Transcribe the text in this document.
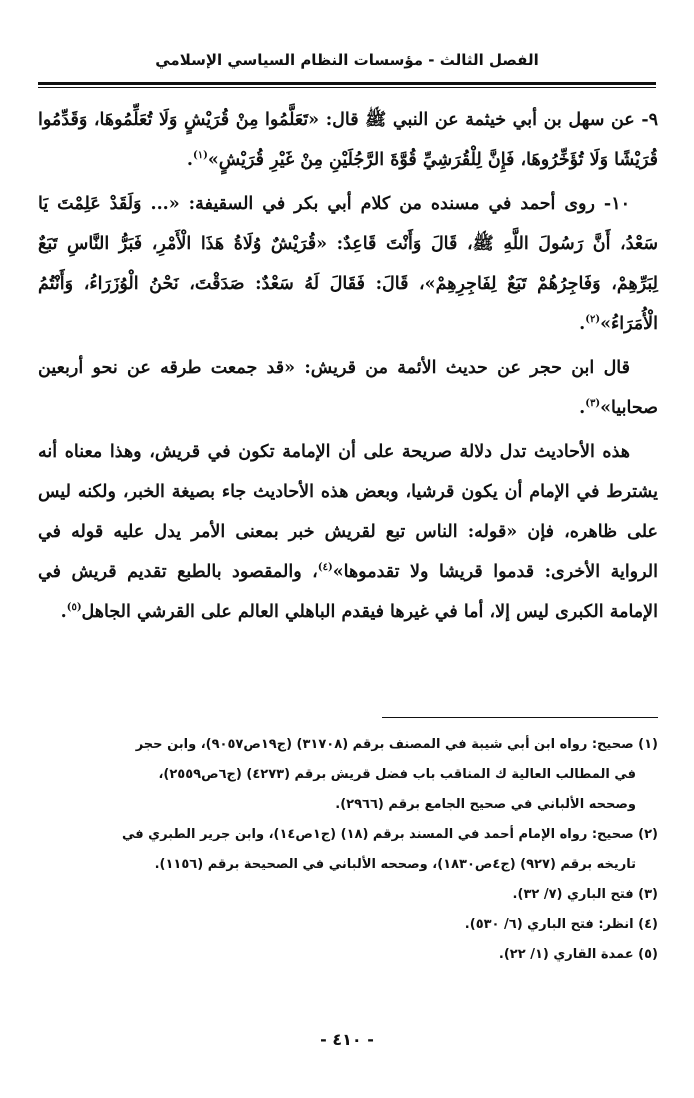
الفصل الثالث - مؤسسات النظام السياسي الإسلامي

٩- عن سهل بن أبي خيثمة عن النبي ﷺ قال: «تَعَلَّمُوا مِنْ قُرَيْشٍ وَلَا تُعَلِّمُوهَا، وَقَدِّمُوا قُرَيْشًا وَلَا تُؤَخِّرُوهَا، فَإِنَّ لِلْقُرَشِيِّ قُوَّةَ الرَّجُلَيْنِ مِنْ غَيْرِ قُرَيْشٍ»$^{(١)}$.

١٠- روى أحمد في مسنده من كلام أبي بكر في السقيفة: «... وَلَقَدْ عَلِمْتَ يَا سَعْدُ، أَنَّ رَسُولَ اللَّهِ ﷺ، قَالَ وَأَنْتَ قَاعِدٌ: «قُرَيْشٌ وُلَاةُ هَذَا الْأَمْرِ، فَبَرُّ النَّاسِ تَبَعٌ لِبَرِّهِمْ، وَفَاجِرُهُمْ تَبَعٌ لِفَاجِرِهِمْ»، قَالَ: فَقَالَ لَهُ سَعْدٌ: صَدَقْتَ، نَحْنُ الْوُزَرَاءُ، وَأَنْتُمُ الْأُمَرَاءُ»$^{(٢)}$.

قال ابن حجر عن حديث الأئمة من قريش: «قد جمعت طرقه عن نحو أربعين صحابيا»$^{(٣)}$.

هذه الأحاديث تدل دلالة صريحة على أن الإمامة تكون في قريش، وهذا معناه أنه يشترط في الإمام أن يكون قرشيا، وبعض هذه الأحاديث جاء بصيغة الخبر، ولكنه ليس على ظاهره، فإن «قوله: الناس تبع لقريش خبر بمعنى الأمر يدل عليه قوله في الرواية الأخرى: قدموا قريشا ولا تقدموها»$^{(٤)}$، والمقصود بالطبع تقديم قريش في الإمامة الكبرى ليس إلا، أما في غيرها فيقدم الباهلي العالم على القرشي الجاهل$^{(٥)}$.

(١) صحيح: رواه ابن أبي شيبة في المصنف برقم (٣١٧٠٨) (ج١٩ص٩٠٥٧)، وابن حجر

في المطالب العالية ك المناقب باب فضل قريش برقم (٤٢٧٣) (ج٦ص٢٥٥٩)،

وصححه الألباني في صحيح الجامع برقم (٢٩٦٦).

(٢) صحيح: رواه الإمام أحمد في المسند برقم (١٨) (ج١ص١٤)، وابن جرير الطبري في

تاريخه برقم (٩٢٧) (ج٤ص١٨٣٠)، وصححه الألباني في الصحيحة برقم (١١٥٦).

(٣) فتح الباري (٧/ ٣٢).

(٤) انظر: فتح الباري (٦/ ٥٣٠).

(٥) عمدة القاري (١/ ٢٢).

- ٤١٠ -
